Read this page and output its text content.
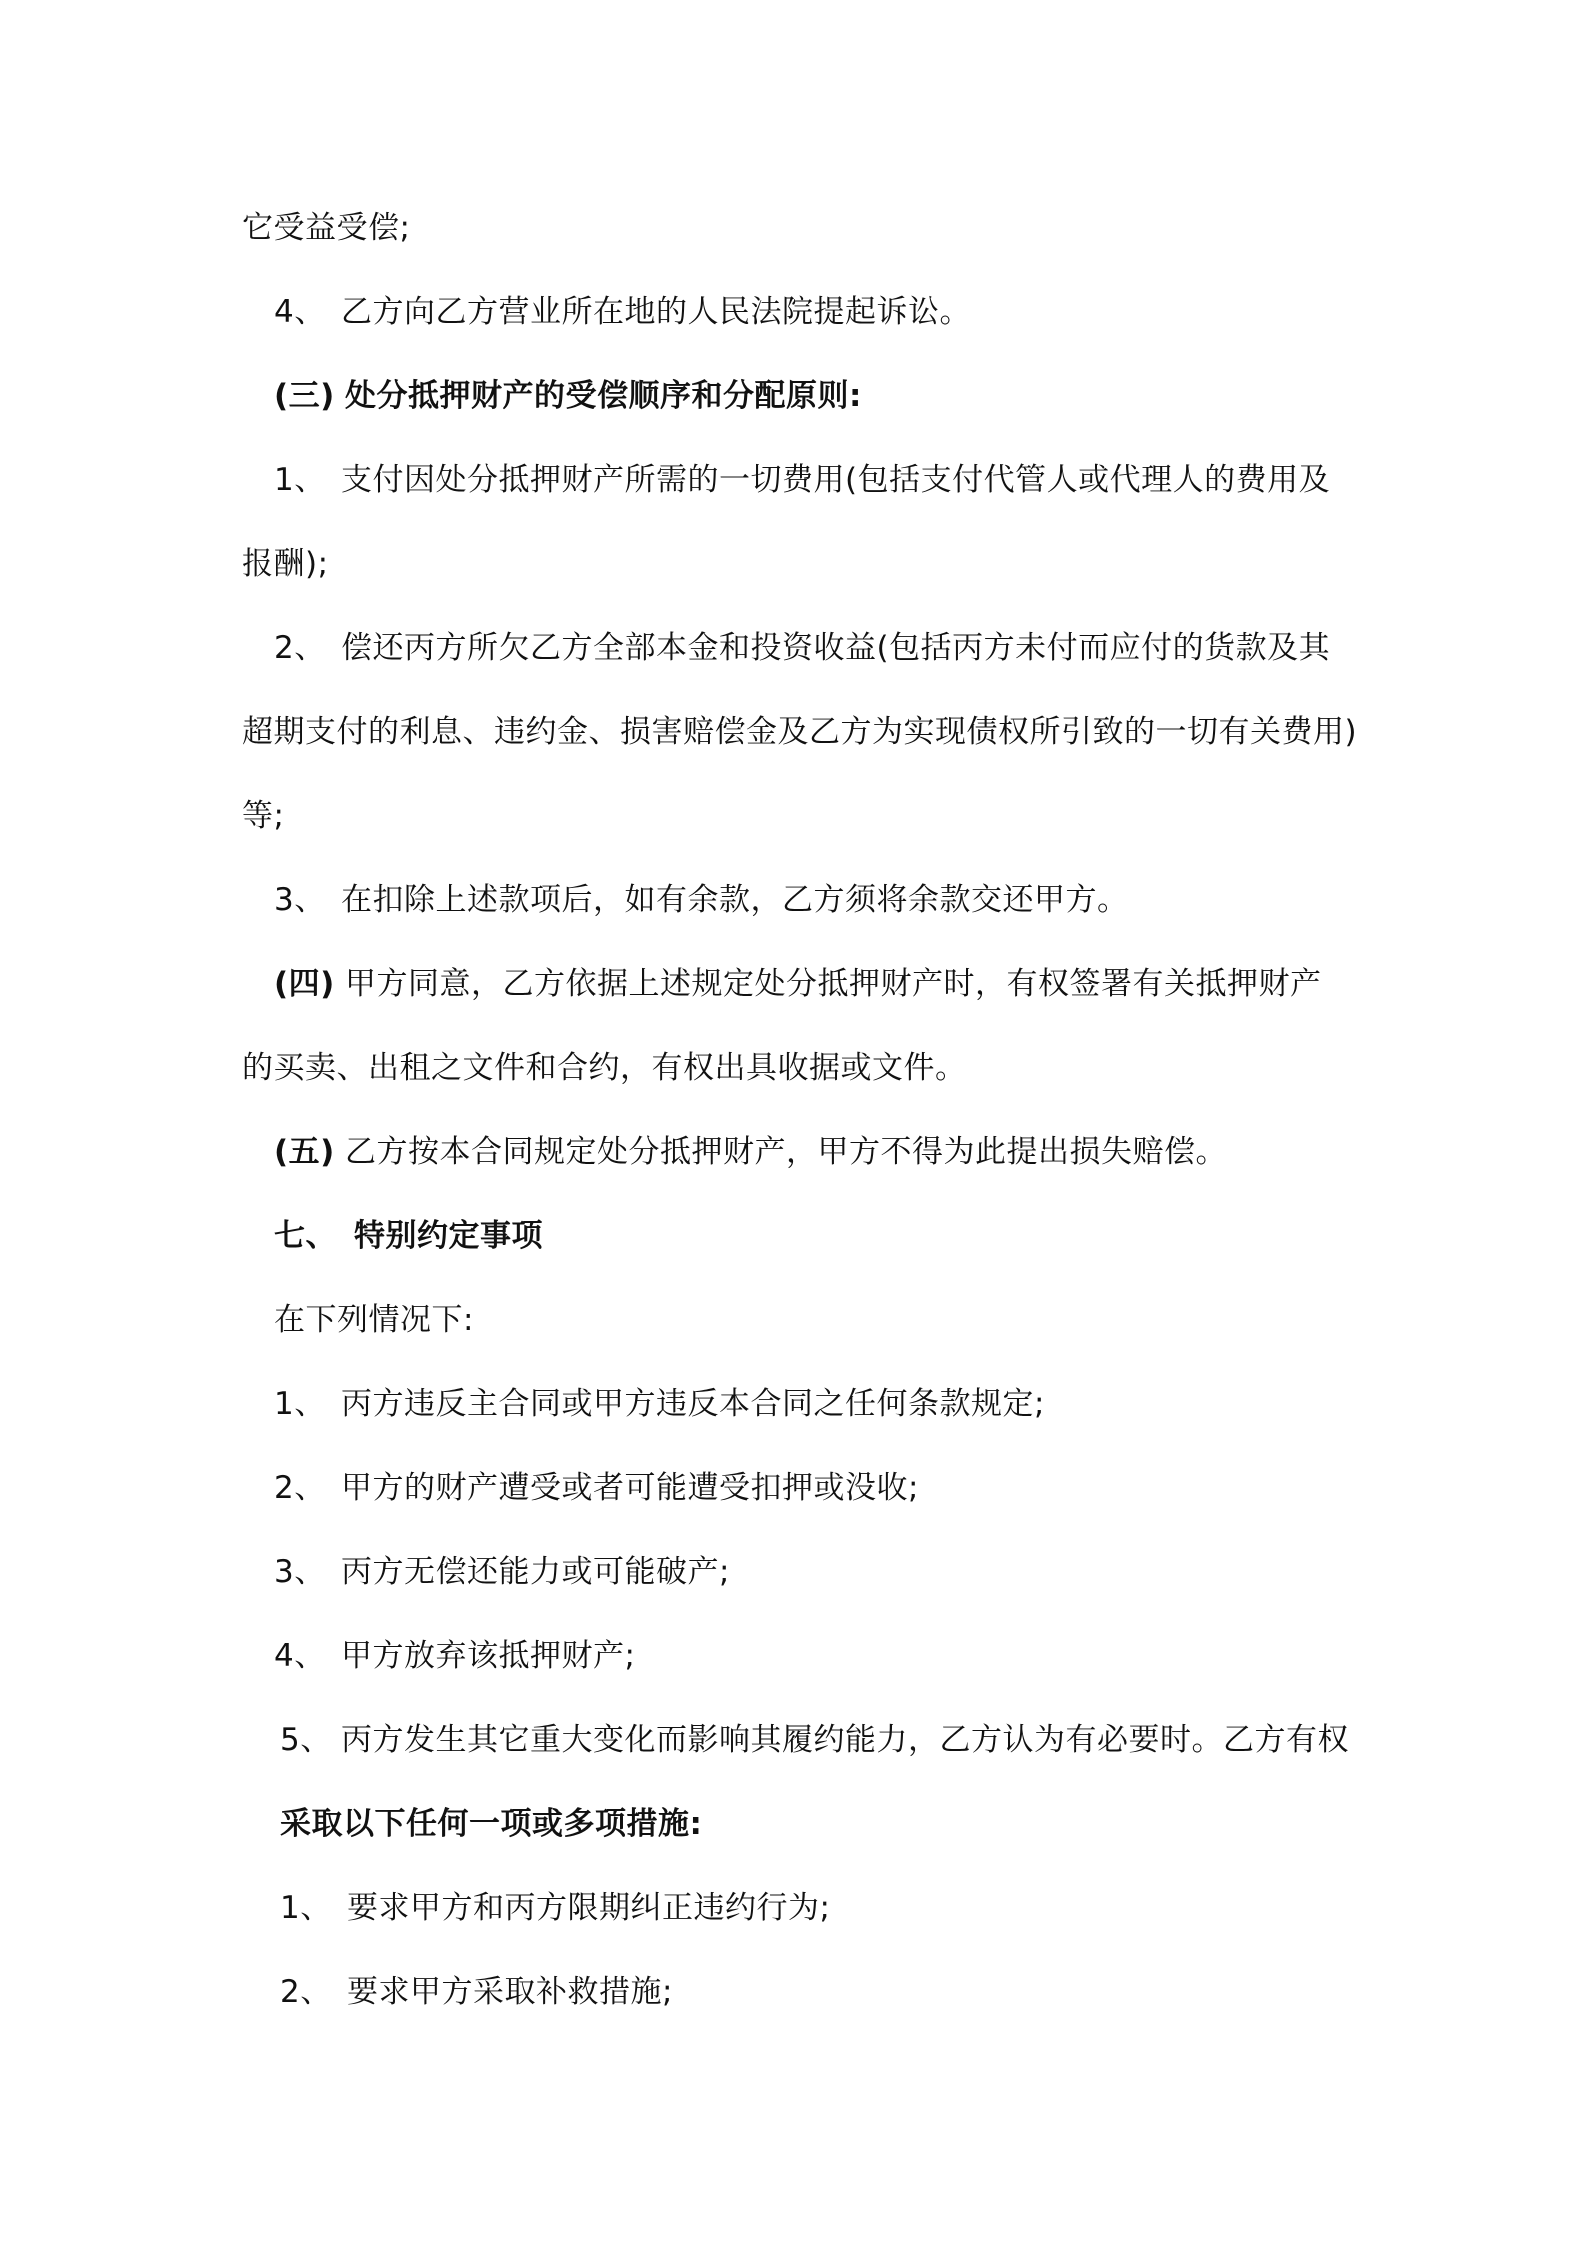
它受益受偿;
4、 乙方向乙方营业所在地的人民法院提起诉讼。
(三) 处分抵押财产的受偿顺序和分配原则:
1、 支付因处分抵押财产所需的一切费用(包括支付代管人或代理人的费用及
报酬);
2、 偿还丙方所欠乙方全部本金和投资收益(包括丙方未付而应付的货款及其
超期支付的利息、违约金、损害赔偿金及乙方为实现债权所引致的一切有关费用)
等;
3、 在扣除上述款项后，如有余款，乙方须将余款交还甲方。
(四) 甲方同意，乙方依据上述规定处分抵押财产时，有权签署有关抵押财产
的买卖、出租之文件和合约，有权出具收据或文件。
(五) 乙方按本合同规定处分抵押财产，甲方不得为此提出损失赔偿。
七、 特别约定事项
在下列情况下:
1、 丙方违反主合同或甲方违反本合同之任何条款规定;
2、 甲方的财产遭受或者可能遭受扣押或没收;
3、 丙方无偿还能力或可能破产;
4、 甲方放弃该抵押财产;
5、 丙方发生其它重大变化而影响其履约能力，乙方认为有必要时。乙方有权
采取以下任何一项或多项措施:
1、 要求甲方和丙方限期纠正违约行为;
2、 要求甲方采取补救措施;
